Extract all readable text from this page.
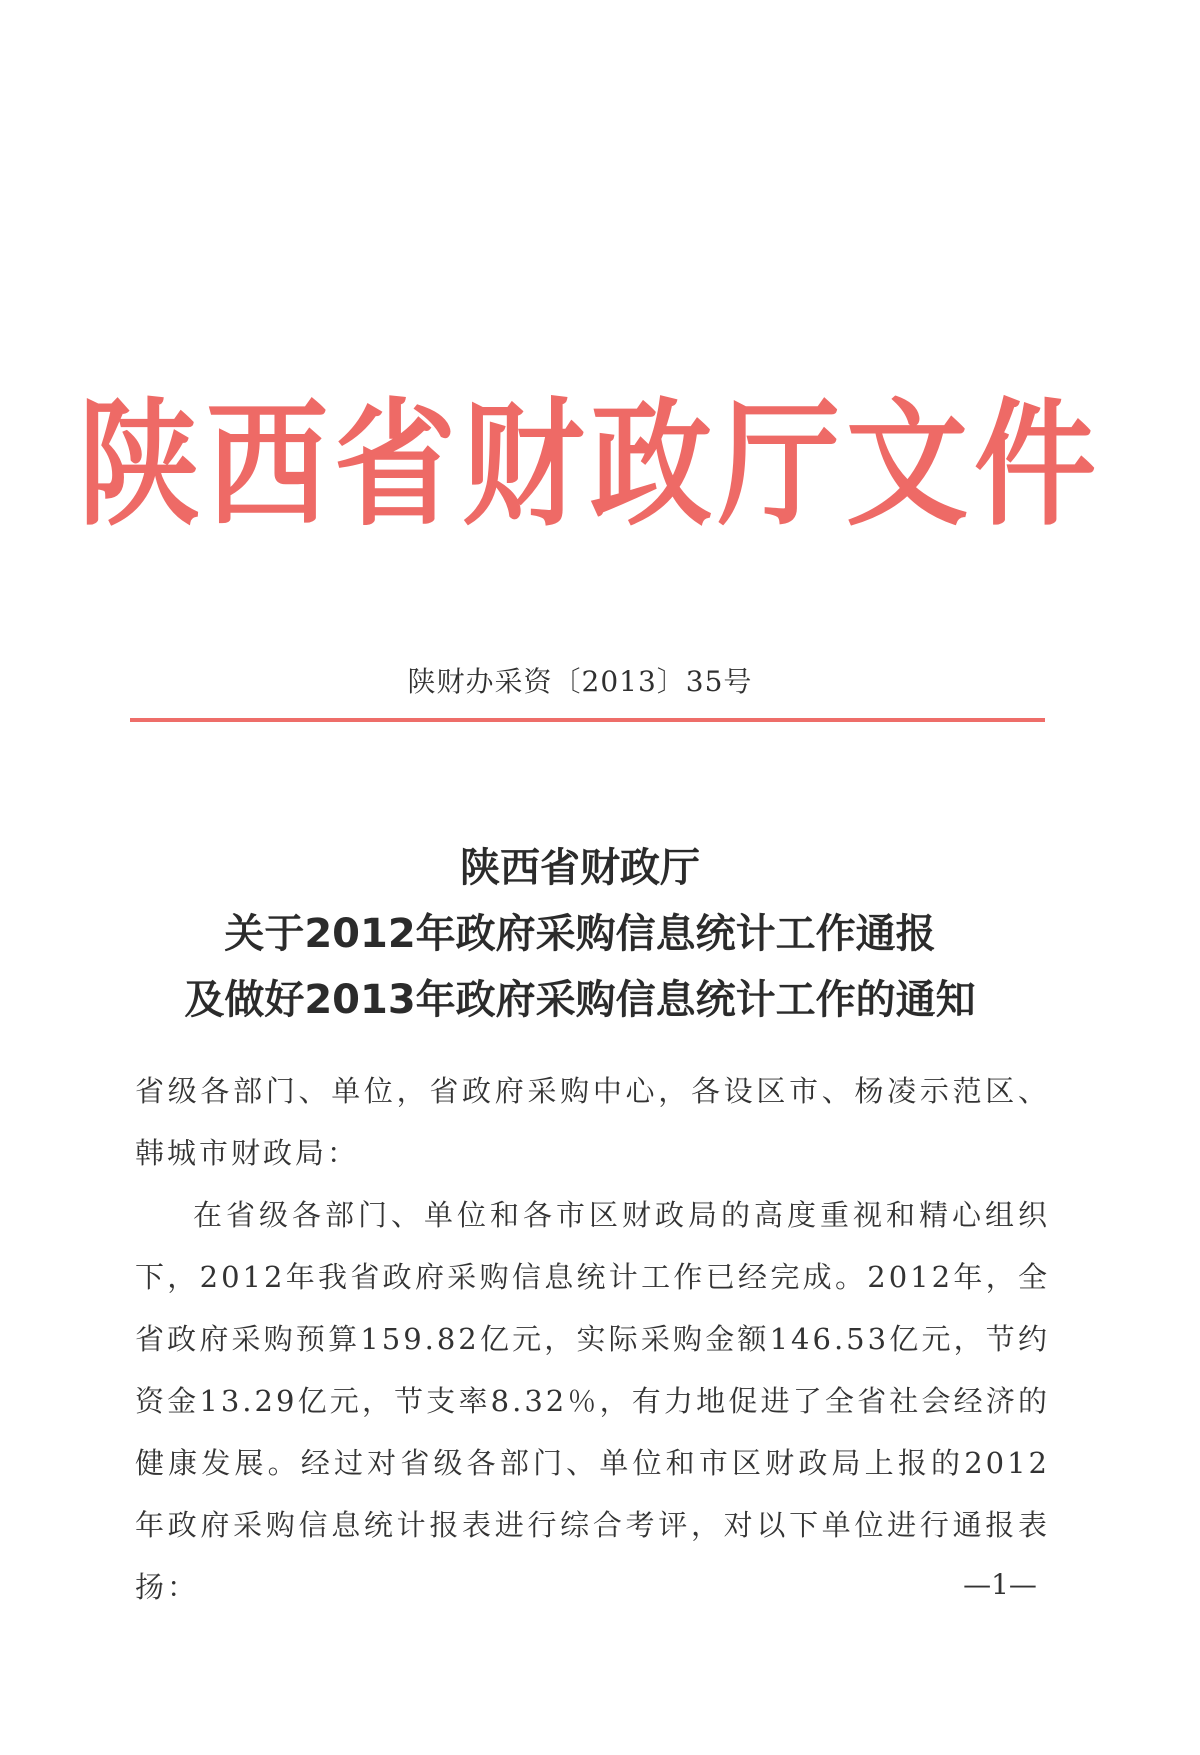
陕西省财政厅文件
陕财办采资〔2013〕35号
陕西省财政厅
关于2012年政府采购信息统计工作通报
及做好2013年政府采购信息统计工作的通知

省级各部门、单位，省政府采购中心，各设区市、杨凌示范区、韩城市财政局：

在省级各部门、单位和各市区财政局的高度重视和精心组织下，2012年我省政府采购信息统计工作已经完成。2012年，全省政府采购预算159.82亿元，实际采购金额146.53亿元，节约资金13.29亿元，节支率8.32％，有力地促进了全省社会经济的健康发展。经过对省级各部门、单位和市区财政局上报的2012年政府采购信息统计报表进行综合考评，对以下单位进行通报表扬：	—1—
